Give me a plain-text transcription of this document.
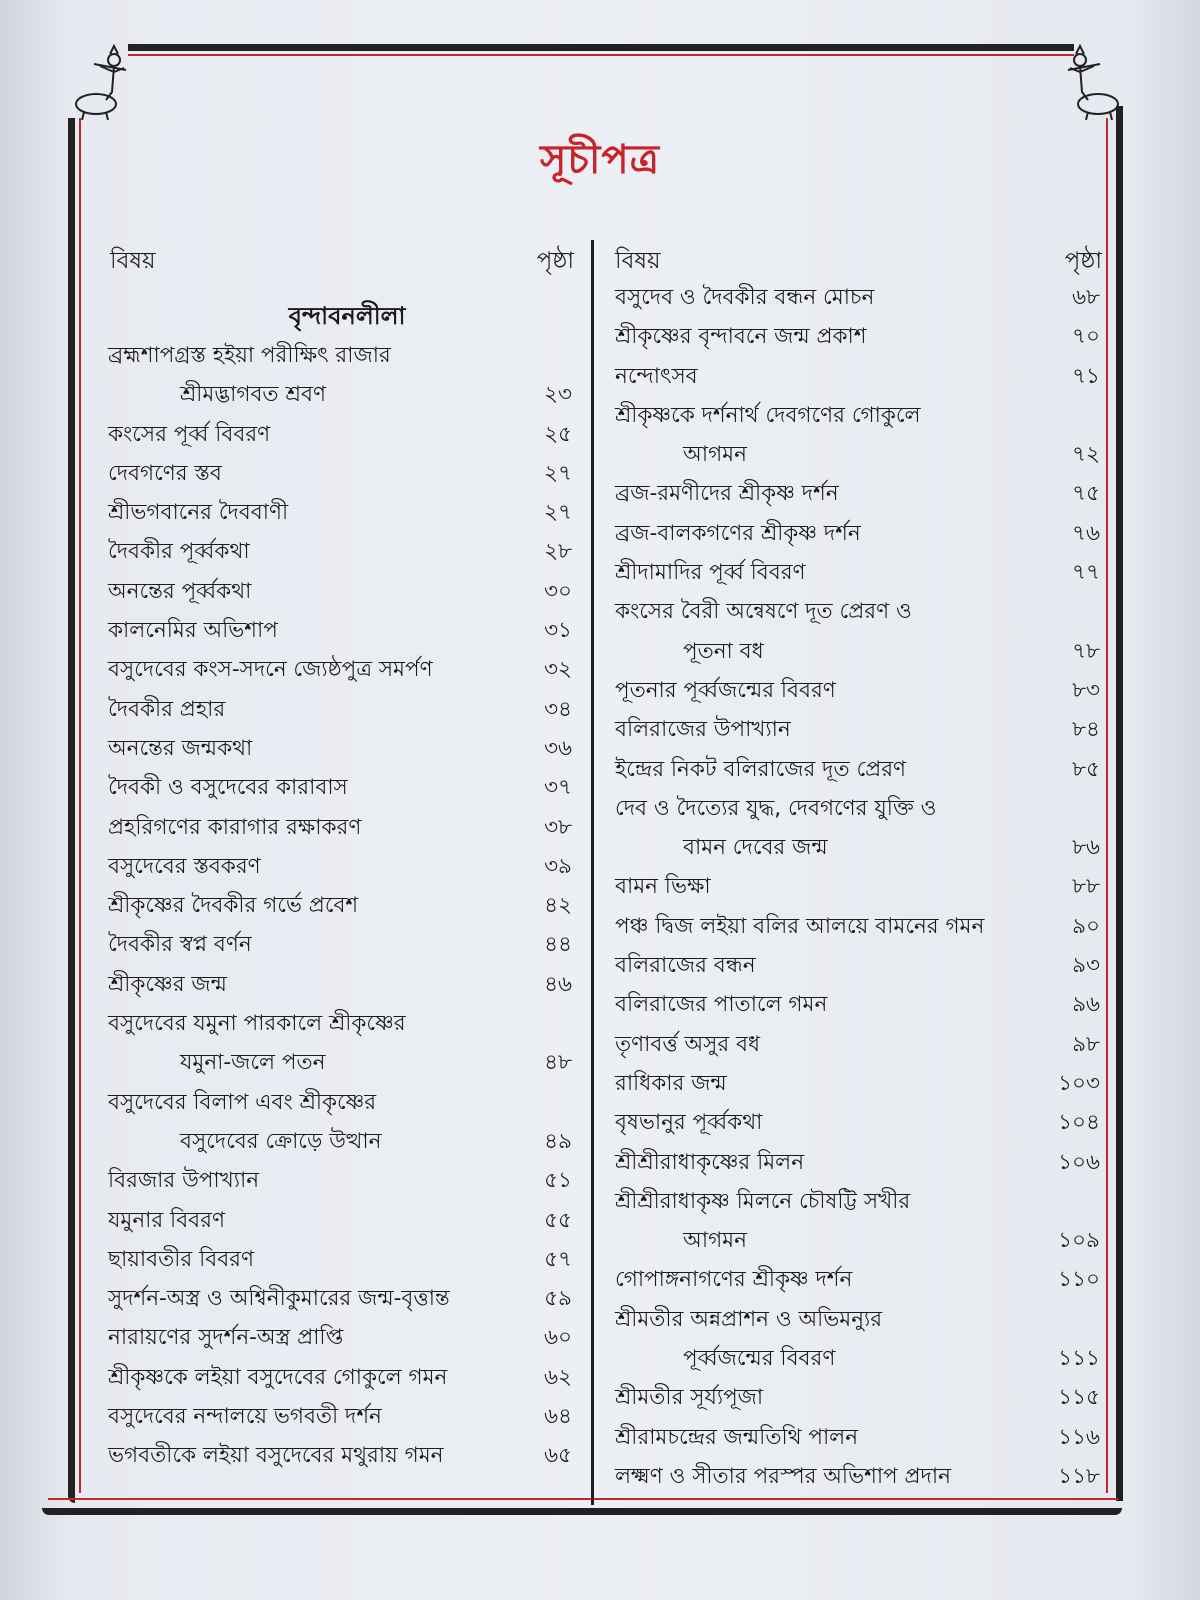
সূচীপত্র
বিষয়	পৃষ্ঠা
বৃন্দাবনলীলা
ব্রহ্মশাপগ্রস্ত হইয়া পরীক্ষিৎ রাজার
শ্রীমদ্ভাগবত শ্রবণ	২৩
কংসের পূর্ব্ব বিবরণ	২৫
দেবগণের স্তব	২৭
শ্রীভগবানের দৈববাণী	২৭
দৈবকীর পূর্ব্বকথা	২৮
অনন্তের পূর্ব্বকথা	৩০
কালনেমির অভিশাপ	৩১
বসুদেবের কংস-সদনে জ্যেষ্ঠপুত্র সমর্পণ	৩২
দৈবকীর প্রহার	৩৪
অনন্তের জন্মকথা	৩৬
দৈবকী ও বসুদেবের কারাবাস	৩৭
প্রহরিগণের কারাগার রক্ষাকরণ	৩৮
বসুদেবের স্তবকরণ	৩৯
শ্রীকৃষ্ণের দৈবকীর গর্ভে প্রবেশ	৪২
দৈবকীর স্বপ্ন বর্ণন	৪৪
শ্রীকৃষ্ণের জন্ম	৪৬
বসুদেবের যমুনা পারকালে শ্রীকৃষ্ণের
যমুনা-জলে পতন	৪৮
বসুদেবের বিলাপ এবং শ্রীকৃষ্ণের
বসুদেবের ক্রোড়ে উত্থান	৪৯
বিরজার উপাখ্যান	৫১
যমুনার বিবরণ	৫৫
ছায়াবতীর বিবরণ	৫৭
সুদর্শন-অস্ত্র ও অশ্বিনীকুমারের জন্ম-বৃত্তান্ত	৫৯
নারায়ণের সুদর্শন-অস্ত্র প্রাপ্তি	৬০
শ্রীকৃষ্ণকে লইয়া বসুদেবের গোকুলে গমন	৬২
বসুদেবের নন্দালয়ে ভগবতী দর্শন	৬৪
ভগবতীকে লইয়া বসুদেবের মথুরায় গমন	৬৫
বিষয়	পৃষ্ঠা
বসুদেব ও দৈবকীর বন্ধন মোচন	৬৮
শ্রীকৃষ্ণের বৃন্দাবনে জন্ম প্রকাশ	৭০
নন্দোৎসব	৭১
শ্রীকৃষ্ণকে দর্শনার্থ দেবগণের গোকুলে
আগমন	৭২
ব্রজ-রমণীদের শ্রীকৃষ্ণ দর্শন	৭৫
ব্রজ-বালকগণের শ্রীকৃষ্ণ দর্শন	৭৬
শ্রীদামাদির পূর্ব্ব বিবরণ	৭৭
কংসের বৈরী অন্বেষণে দূত প্রেরণ ও
পূতনা বধ	৭৮
পূতনার পূর্ব্বজন্মের বিবরণ	৮৩
বলিরাজের উপাখ্যান	৮৪
ইন্দ্রের নিকট বলিরাজের দূত প্রেরণ	৮৫
দেব ও দৈত্যের যুদ্ধ, দেবগণের যুক্তি ও
বামন দেবের জন্ম	৮৬
বামন ভিক্ষা	৮৮
পঞ্চ দ্বিজ লইয়া বলির আলয়ে বামনের গমন	৯০
বলিরাজের বন্ধন	৯৩
বলিরাজের পাতালে গমন	৯৬
তৃণাবর্ত্ত অসুর বধ	৯৮
রাধিকার জন্ম	১০৩
বৃষভানুর পূর্ব্বকথা	১০৪
শ্রীশ্রীরাধাকৃষ্ণের মিলন	১০৬
শ্রীশ্রীরাধাকৃষ্ণ মিলনে চৌষট্টি সখীর
আগমন	১০৯
গোপাঙ্গনাগণের শ্রীকৃষ্ণ দর্শন	১১০
শ্রীমতীর অন্নপ্রাশন ও অভিমন্যুর
পূর্ব্বজন্মের বিবরণ	১১১
শ্রীমতীর সূর্য্যপূজা	১১৫
শ্রীরামচন্দ্রের জন্মতিথি পালন	১১৬
লক্ষ্মণ ও সীতার পরস্পর অভিশাপ প্রদান	১১৮
